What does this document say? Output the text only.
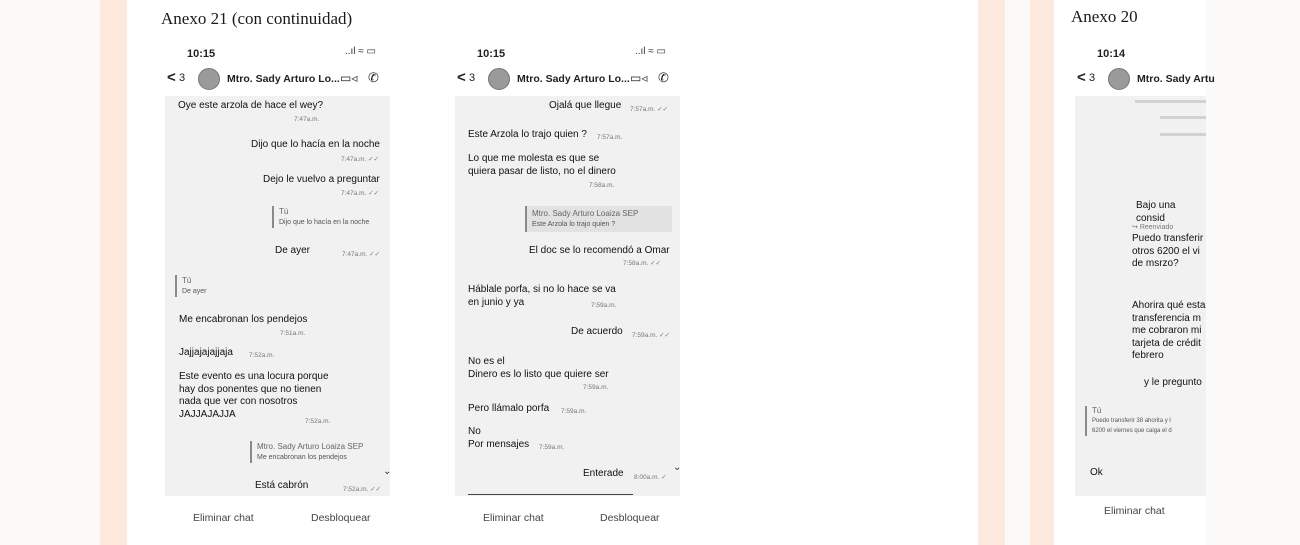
Anexo 21 (con continuidad)	Anexo 20
10:15	..ıl ≈ ▭
< 3	Mtro. Sady Arturo Lo... ▭◃ ✆
Oye este arzola de hace el wey?
7:47a.m.
Dijo que lo hacía en la noche
7:47a.m. ✓✓
Dejo le vuelvo a preguntar
7:47a.m. ✓✓
Tú
Dijo que lo hacía en la noche
De ayer	7:47a.m. ✓✓
Tú
De ayer
Me encabronan los pendejos
7:51a.m.
Jajjajajajjaja 7:52a.m.
Este evento es una locura porque
hay dos ponentes que no tienen
nada que ver con nosotros
JAJJAJAJJA
7:52a.m.
Mtro. Sady Arturo Loaiza SEP
Me encabronan los pendejos
⌄
Está cabrón	7:52a.m. ✓✓
Eliminar chat	Desbloquear
10:15	..ıl ≈ ▭
< 3	Mtro. Sady Arturo Lo... ▭◃ ✆
Ojalá que llegue 7:57a.m. ✓✓
Este Arzola lo trajo quien ? 7:57a.m.
Lo que me molesta es que se
quiera pasar de listo, no el dinero
7:58a.m.
Mtro. Sady Arturo Loaiza SEP
Este Arzola lo trajo quien ?
El doc se lo recomendó a Omar
7:58a.m. ✓✓
Háblale porfa, si no lo hace se va
en junio y ya	7:59a.m.
De acuerdo 7:59a.m. ✓✓
No es el
Dinero es lo listo que quiere ser
7:59a.m.
Pero llámalo porfa 7:59a.m.
No
Por mensajes 7:59a.m.
Enterade 8:00a.m. ✓
⌄
Eliminar chat	Desbloquear
10:14
< 3	Mtro. Sady Artu
Bajo una consid
↪ Reenviado
Puedo transferir
otros 6200 el vi
de msrzo?
Ahorira qué esta
transferencia m
me cobraron mi
tarjeta de crédit
febrero
y le pregunto
Tú
Puedo transferir 38 ahorita y l
6200 el viernes que caiga el d
Ok
Eliminar chat
